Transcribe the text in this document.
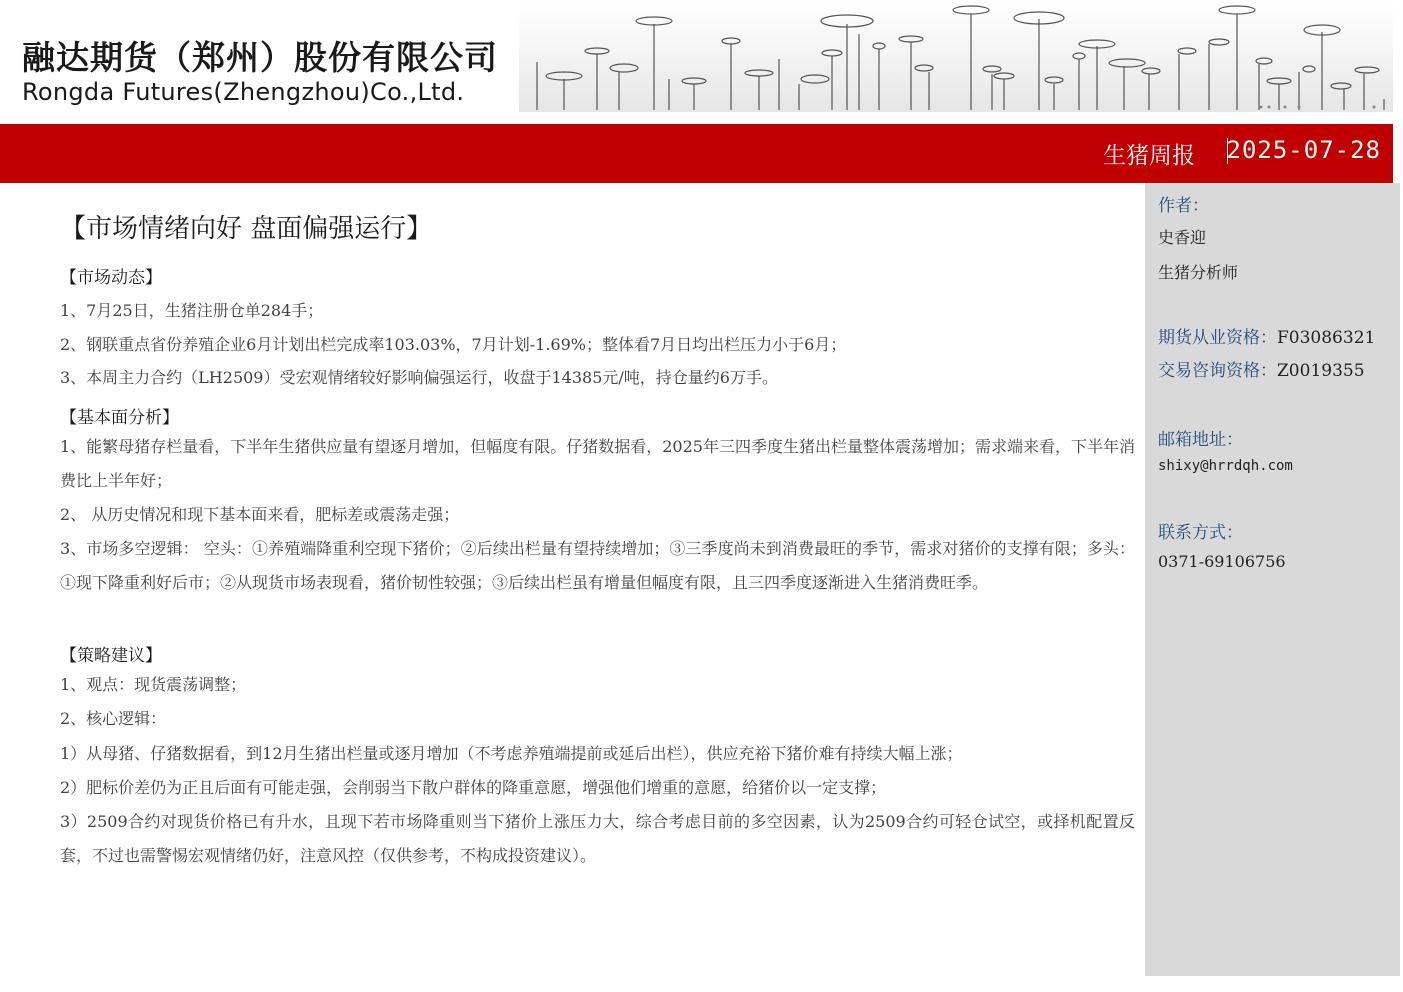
融达期货（郑州）股份有限公司
Rongda Futures(Zhengzhou)Co.,Ltd.
生猪周报 2025-07-28
作者：
史香迎
生猪分析师
期货从业资格：F03086321
交易咨询资格：Z0019355
邮箱地址：
shixy@hrrdqh.com
联系方式：
0371-69106756
【市场情绪向好 盘面偏强运行】
【市场动态】
1、7月25日，生猪注册仓单284手；
2、钢联重点省份养殖企业6月计划出栏完成率103.03%，7月计划-1.69%；整体看7月日均出栏压力小于6月；
3、本周主力合约（LH2509）受宏观情绪较好影响偏强运行，收盘于14385元/吨，持仓量约6万手。
【基本面分析】
1、能繁母猪存栏量看，下半年生猪供应量有望逐月增加，但幅度有限。仔猪数据看，2025年三四季度生猪出栏量整体震荡增加；需求端来看，下半年消费比上半年好；
2、 从历史情况和现下基本面来看，肥标差或震荡走强；
3、市场多空逻辑： 空头：①养殖端降重利空现下猪价；②后续出栏量有望持续增加；③三季度尚未到消费最旺的季节，需求对猪价的支撑有限；多头：①现下降重利好后市；②从现货市场表现看，猪价韧性较强；③后续出栏虽有增量但幅度有限，且三四季度逐渐进入生猪消费旺季。
【策略建议】
1、观点：现货震荡调整；
2、核心逻辑：
1）从母猪、仔猪数据看，到12月生猪出栏量或逐月增加（不考虑养殖端提前或延后出栏），供应充裕下猪价难有持续大幅上涨；
2）肥标价差仍为正且后面有可能走强，会削弱当下散户群体的降重意愿，增强他们增重的意愿，给猪价以一定支撑；
3）2509合约对现货价格已有升水，且现下若市场降重则当下猪价上涨压力大，综合考虑目前的多空因素，认为2509合约可轻仓试空，或择机配置反套，不过也需警惕宏观情绪仍好，注意风控（仅供参考，不构成投资建议）。
